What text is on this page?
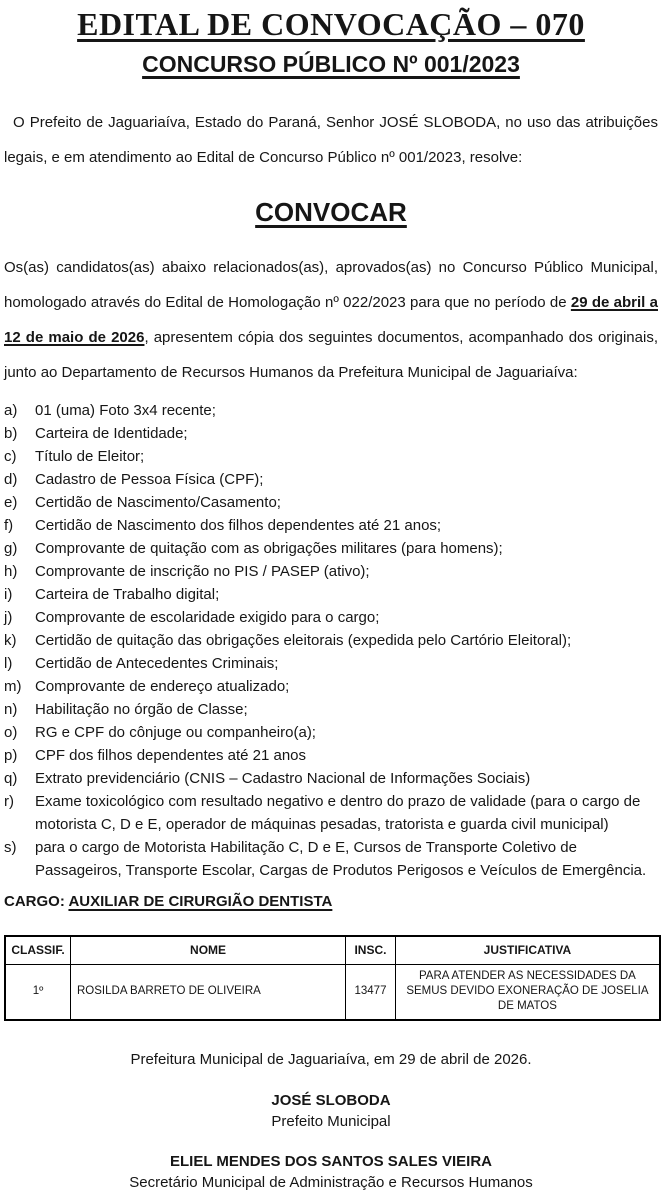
EDITAL DE CONVOCAÇÃO – 070
CONCURSO PÚBLICO Nº 001/2023

O Prefeito de Jaguariaíva, Estado do Paraná, Senhor JOSÉ SLOBODA, no uso das atribuições legais, e em atendimento ao Edital de Concurso Público nº 001/2023, resolve:

CONVOCAR

Os(as) candidatos(as) abaixo relacionados(as), aprovados(as) no Concurso Público Municipal, homologado através do Edital de Homologação nº 022/2023 para que no período de 29 de abril a 12 de maio de 2026, apresentem cópia dos seguintes documentos, acompanhado dos originais, junto ao Departamento de Recursos Humanos da Prefeitura Municipal de Jaguariaíva:

a)	01 (uma) Foto 3x4 recente;
b)	Carteira de Identidade;
c)	Título de Eleitor;
d)	Cadastro de Pessoa Física (CPF);
e)	Certidão de Nascimento/Casamento;
f)	Certidão de Nascimento dos filhos dependentes até 21 anos;
g)	Comprovante de quitação com as obrigações militares (para homens);
h)	Comprovante de inscrição no PIS / PASEP (ativo);
i)	Carteira de Trabalho digital;
j)	Comprovante de escolaridade exigido para o cargo;
k)	Certidão de quitação das obrigações eleitorais (expedida pelo Cartório Eleitoral);
l)	Certidão de Antecedentes Criminais;
m) Comprovante de endereço atualizado;
n)	Habilitação no órgão de Classe;
o)	RG e CPF do cônjuge ou companheiro(a);
p)	CPF dos filhos dependentes até 21 anos
q)	Extrato previdenciário (CNIS – Cadastro Nacional de Informações Sociais)
r)	Exame toxicológico com resultado negativo e dentro do prazo de validade (para o cargo de
motorista C, D e E, operador de máquinas pesadas, tratorista e guarda civil municipal)
s)	para o cargo de Motorista Habilitação C, D e E, Cursos de Transporte Coletivo de
Passageiros, Transporte Escolar, Cargas de Produtos Perigosos e Veículos de Emergência.

CARGO: AUXILIAR DE CIRURGIÃO DENTISTA

CLASSIF.	NOME	INSC.	JUSTIFICATIVA
1º	ROSILDA BARRETO DE OLIVEIRA	13477	PARA ATENDER AS NECESSIDADES DA SEMUS DEVIDO EXONERAÇÃO DE JOSELIA DE MATOS

Prefeitura Municipal de Jaguariaíva, em 29 de abril de 2026.

JOSÉ SLOBODA
Prefeito Municipal
ELIEL MENDES DOS SANTOS SALES VIEIRA
Secretário Municipal de Administração e Recursos Humanos
